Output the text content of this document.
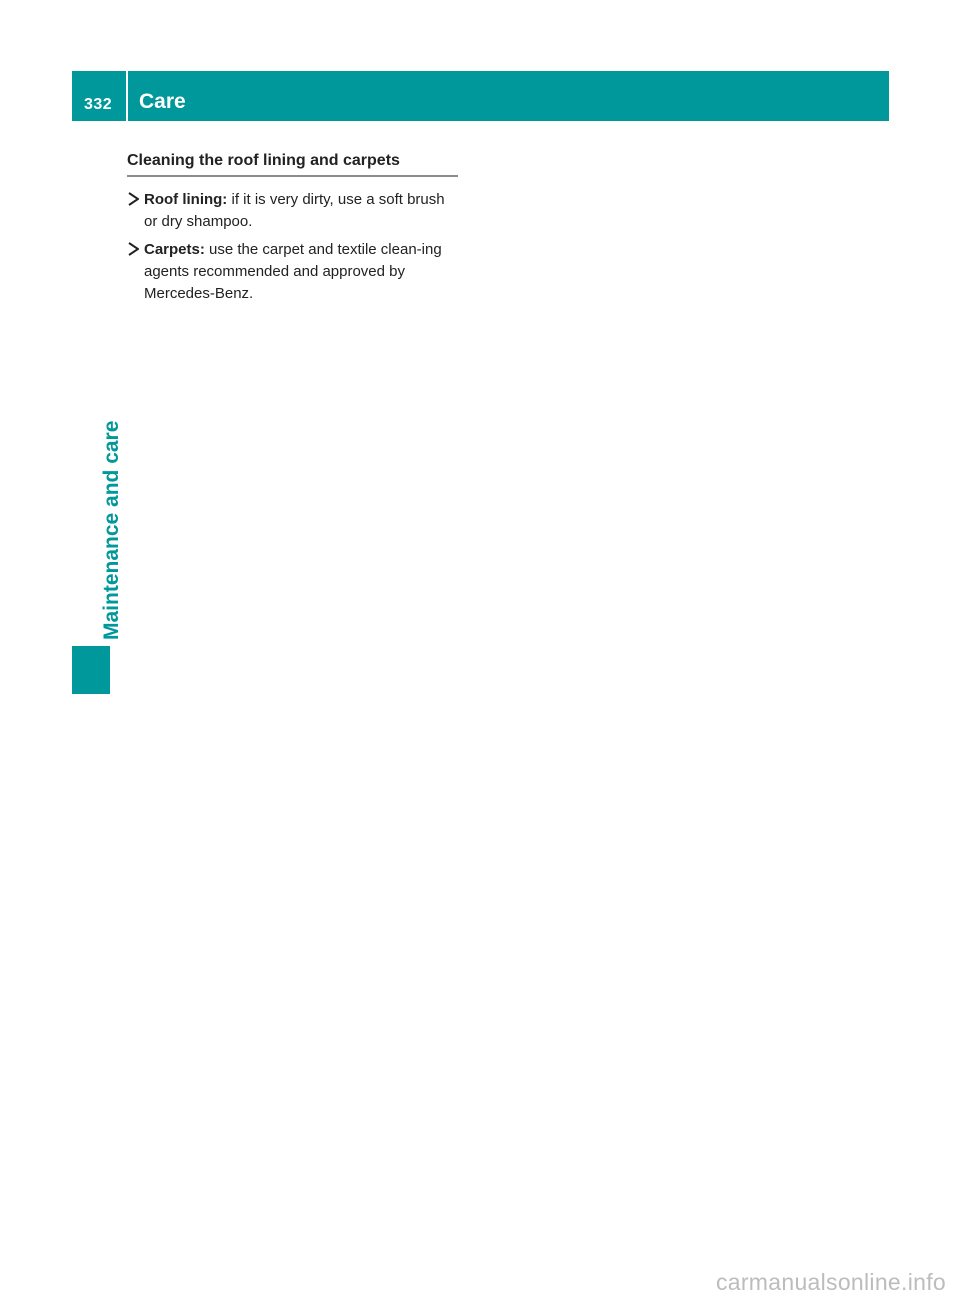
332 Care
Maintenance and care
Cleaning the roof lining and carpets
Roof lining: if it is very dirty, use a soft brush or dry shampoo.
Carpets: use the carpet and textile clean-ing agents recommended and approved by Mercedes-Benz.
carmanualsonline.info
